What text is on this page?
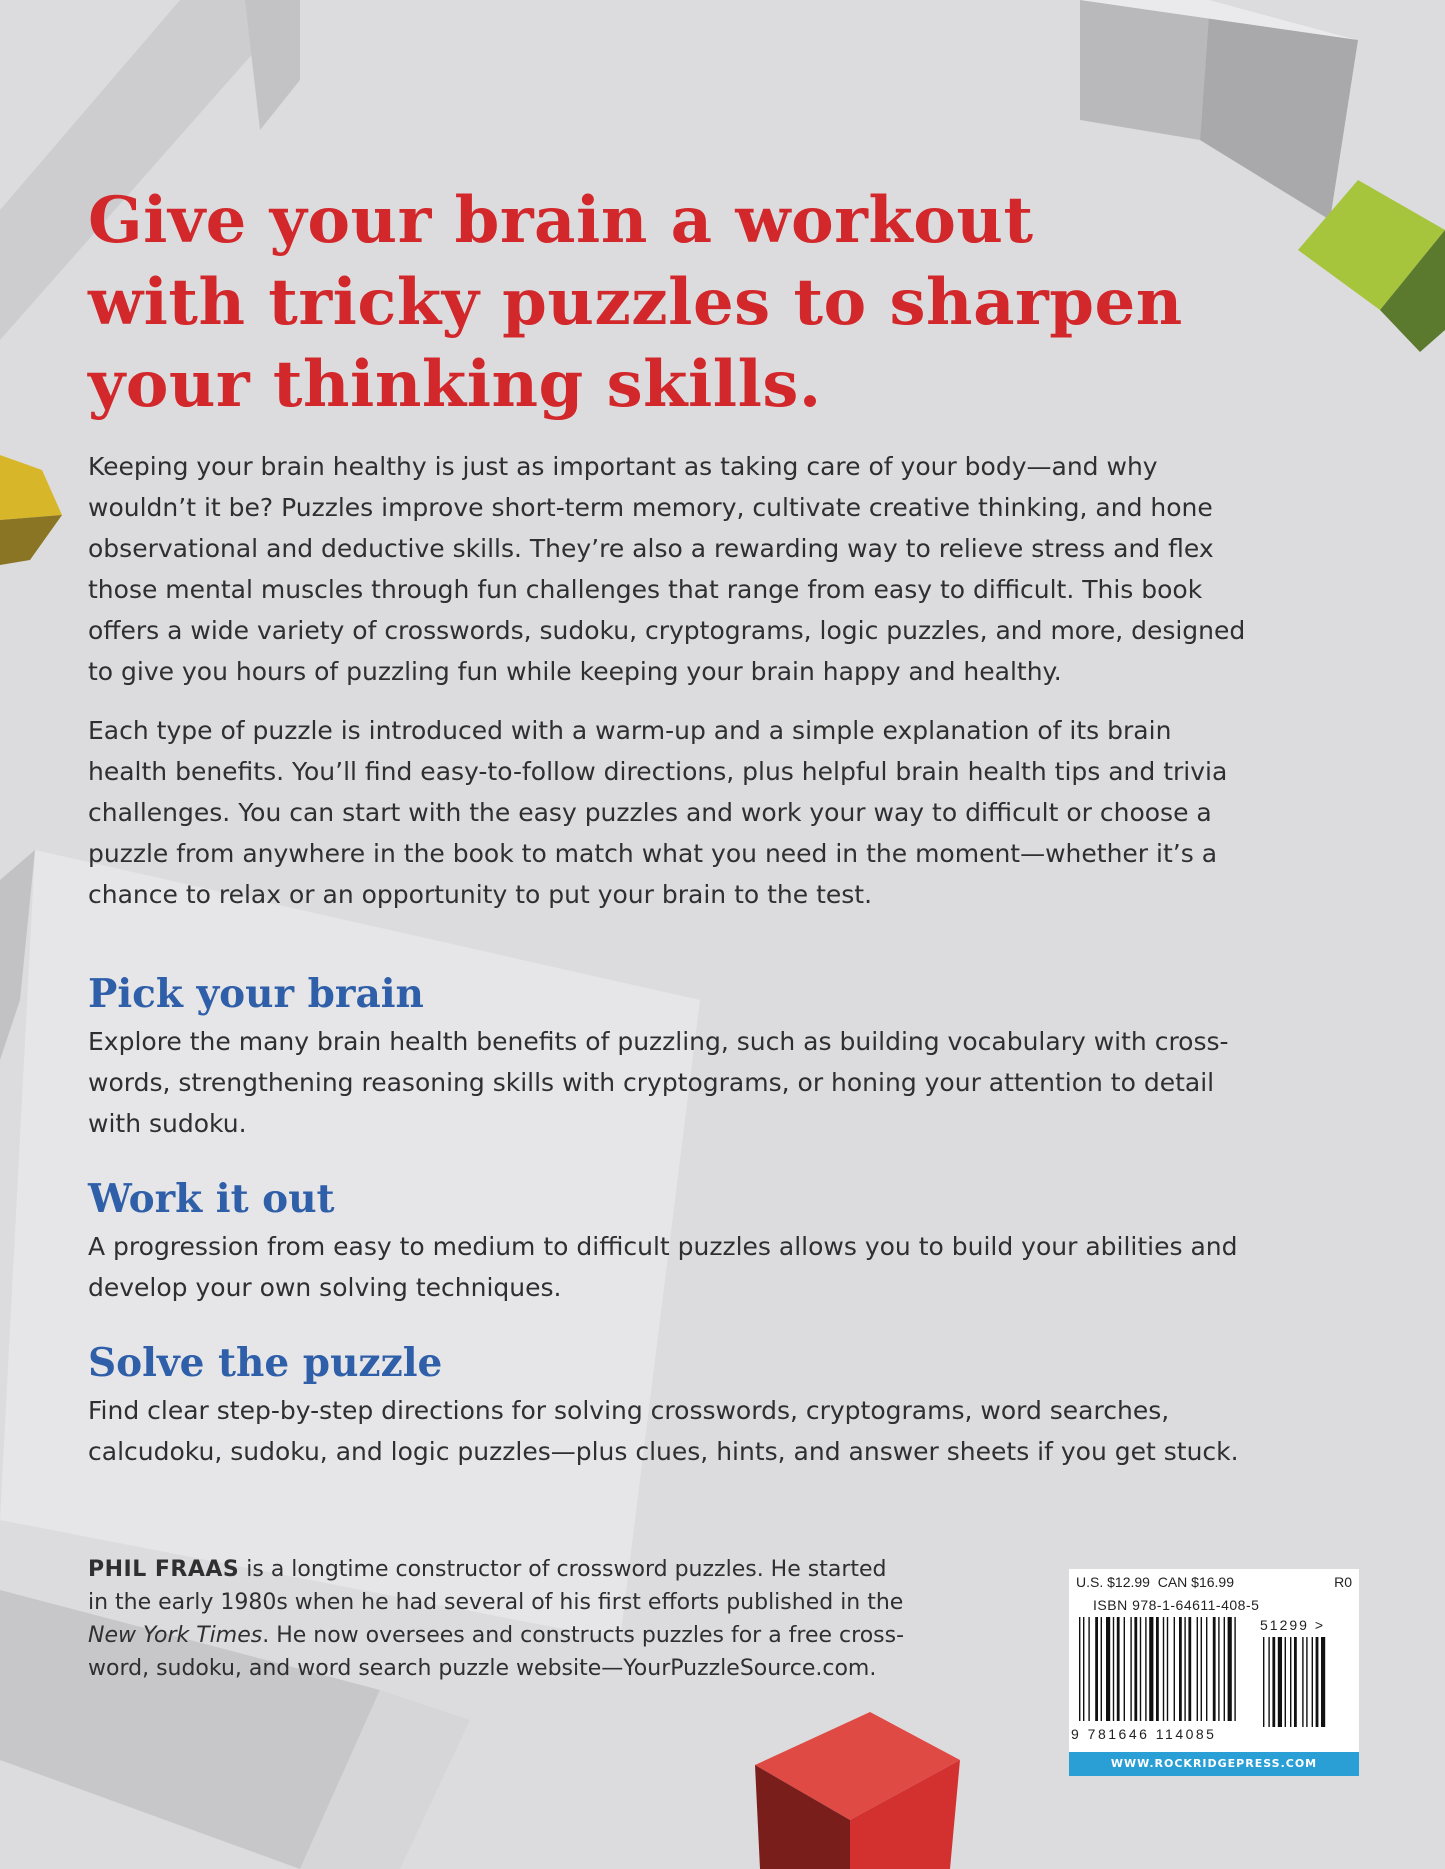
Give your brain a workout
with tricky puzzles to sharpen
your thinking skills.

Keeping your brain healthy is just as important as taking care of your body—and why
wouldn’t it be? Puzzles improve short-term memory, cultivate creative thinking, and hone
observational and deductive skills. They’re also a rewarding way to relieve stress and flex
those mental muscles through fun challenges that range from easy to difficult. This book
offers a wide variety of crosswords, sudoku, cryptograms, logic puzzles, and more, designed
to give you hours of puzzling fun while keeping your brain happy and healthy.

Each type of puzzle is introduced with a warm-up and a simple explanation of its brain
health benefits. You’ll find easy-to-follow directions, plus helpful brain health tips and trivia
challenges. You can start with the easy puzzles and work your way to difficult or choose a
puzzle from anywhere in the book to match what you need in the moment—whether it’s a
chance to relax or an opportunity to put your brain to the test.

Pick your brain

Explore the many brain health benefits of puzzling, such as building vocabulary with cross-
words, strengthening reasoning skills with cryptograms, or honing your attention to detail
with sudoku.

Work it out

A progression from easy to medium to difficult puzzles allows you to build your abilities and
develop your own solving techniques.

Solve the puzzle

Find clear step-by-step directions for solving crosswords, cryptograms, word searches,
calcudoku, sudoku, and logic puzzles—plus clues, hints, and answer sheets if you get stuck.

PHIL FRAAS is a longtime constructor of crossword puzzles. He started
in the early 1980s when he had several of his first efforts published in the
New York Times. He now oversees and constructs puzzles for a free cross-
word, sudoku, and word search puzzle website—YourPuzzleSource.com.
U.S. $12.99 CAN $16.99	R0
ISBN 978-1-64611-408-5
51299 >
9 781646 114085
WWW.ROCKRIDGEPRESS.COM
